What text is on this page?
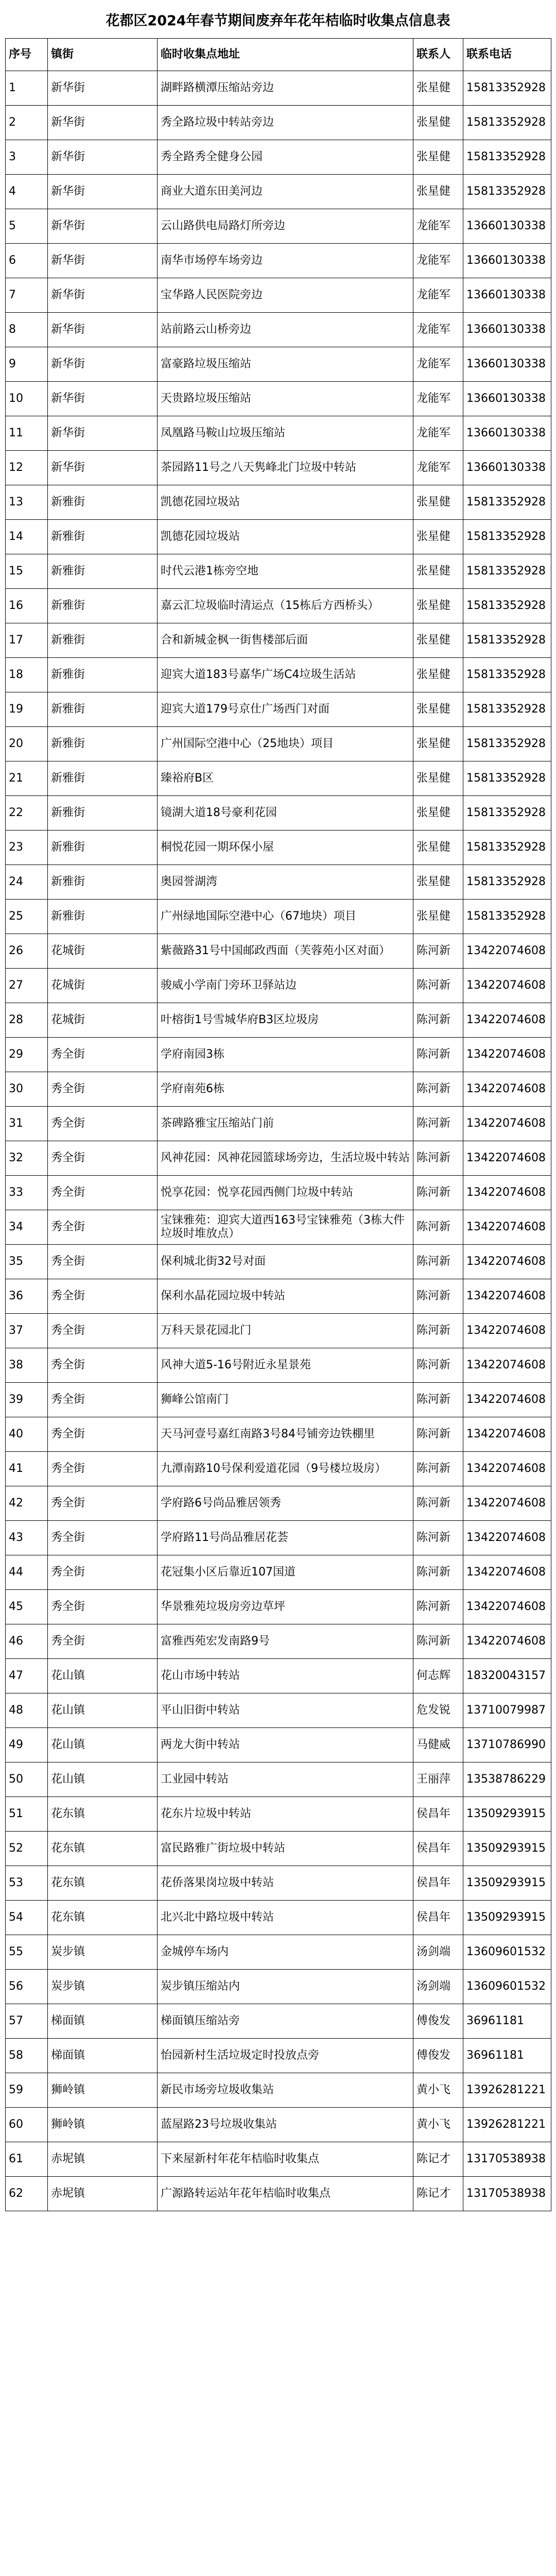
花都区2024年春节期间废弃年花年桔临时收集点信息表
序号	镇街	临时收集点地址	联系人	联系电话
1	新华街	湖畔路横潭压缩站旁边	张星健	15813352928
2	新华街	秀全路垃圾中转站旁边	张星健	15813352928
3	新华街	秀全路秀全健身公园	张星健	15813352928
4	新华街	商业大道东田美河边	张星健	15813352928
5	新华街	云山路供电局路灯所旁边	龙能军	13660130338
6	新华街	南华市场停车场旁边	龙能军	13660130338
7	新华街	宝华路人民医院旁边	龙能军	13660130338
8	新华街	站前路云山桥旁边	龙能军	13660130338
9	新华街	富豪路垃圾压缩站	龙能军	13660130338
10	新华街	天贵路垃圾压缩站	龙能军	13660130338
11	新华街	凤凰路马鞍山垃圾压缩站	龙能军	13660130338
12	新华街	茶园路11号之八天隽峰北门垃圾中转站	龙能军	13660130338
13	新雅街	凯德花园垃圾站	张星健	15813352928
14	新雅街	凯德花园垃圾站	张星健	15813352928
15	新雅街	时代云港1栋旁空地	张星健	15813352928
16	新雅街	嘉云汇垃圾临时清运点（15栋后方西桥头）	张星健	15813352928
17	新雅街	合和新城金枫一街售楼部后面	张星健	15813352928
18	新雅街	迎宾大道183号嘉华广场C4垃圾生活站	张星健	15813352928
19	新雅街	迎宾大道179号京仕广场西门对面	张星健	15813352928
20	新雅街	广州国际空港中心（25地块）项目	张星健	15813352928
21	新雅街	臻裕府B区	张星健	15813352928
22	新雅街	镜湖大道18号豪利花园	张星健	15813352928
23	新雅街	桐悦花园一期环保小屋	张星健	15813352928
24	新雅街	奥园誉湖湾	张星健	15813352928
25	新雅街	广州绿地国际空港中心（67地块）项目	张星健	15813352928
26	花城街	紫薇路31号中国邮政西面（芙蓉苑小区对面）	陈河新	13422074608
27	花城街	骏威小学南门旁环卫驿站边	陈河新	13422074608
28	花城街	叶榕街1号雪城华府B3区垃圾房	陈河新	13422074608
29	秀全街	学府南园3栋	陈河新	13422074608
30	秀全街	学府南苑6栋	陈河新	13422074608
31	秀全街	茶碑路雅宝压缩站门前	陈河新	13422074608
32	秀全街	风神花园：风神花园篮球场旁边，生活垃圾中转站	陈河新	13422074608
33	秀全街	悦享花园：悦享花园西侧门垃圾中转站	陈河新	13422074608
34	秀全街	宝铼雅苑：迎宾大道西163号宝铼雅苑（3栋大件垃圾时堆放点）	陈河新	13422074608
35	秀全街	保利城北街32号对面	陈河新	13422074608
36	秀全街	保利水晶花园垃圾中转站	陈河新	13422074608
37	秀全街	万科天景花园北门	陈河新	13422074608
38	秀全街	风神大道5-16号附近永星景苑	陈河新	13422074608
39	秀全街	狮峰公馆南门	陈河新	13422074608
40	秀全街	天马河壹号嘉红南路3号84号铺旁边铁棚里	陈河新	13422074608
41	秀全街	九潭南路10号保利爱道花园（9号楼垃圾房）	陈河新	13422074608
42	秀全街	学府路6号尚品雅居领秀	陈河新	13422074608
43	秀全街	学府路11号尚品雅居花荟	陈河新	13422074608
44	秀全街	花冠集小区后靠近107国道	陈河新	13422074608
45	秀全街	华景雅苑垃圾房旁边草坪	陈河新	13422074608
46	秀全街	富雅西苑宏发南路9号	陈河新	13422074608
47	花山镇	花山市场中转站	何志辉	18320043157
48	花山镇	平山旧街中转站	危发锐	13710079987
49	花山镇	两龙大街中转站	马健威	13710786990
50	花山镇	工业园中转站	王丽萍	13538786229
51	花东镇	花东片垃圾中转站	侯昌年	13509293915
52	花东镇	富民路雅广街垃圾中转站	侯昌年	13509293915
53	花东镇	花侨落果岗垃圾中转站	侯昌年	13509293915
54	花东镇	北兴北中路垃圾中转站	侯昌年	13509293915
55	炭步镇	金城停车场内	汤剑端	13609601532
56	炭步镇	炭步镇压缩站内	汤剑端	13609601532
57	梯面镇	梯面镇压缩站旁	傅俊发	36961181
58	梯面镇	怡园新村生活垃圾定时投放点旁	傅俊发	36961181
59	狮岭镇	新民市场旁垃圾收集站	黄小飞	13926281221
60	狮岭镇	蓝屋路23号垃圾收集站	黄小飞	13926281221
61	赤坭镇	下来屋新村年花年桔临时收集点	陈记才	13170538938
62	赤坭镇	广源路转运站年花年桔临时收集点	陈记才	13170538938
